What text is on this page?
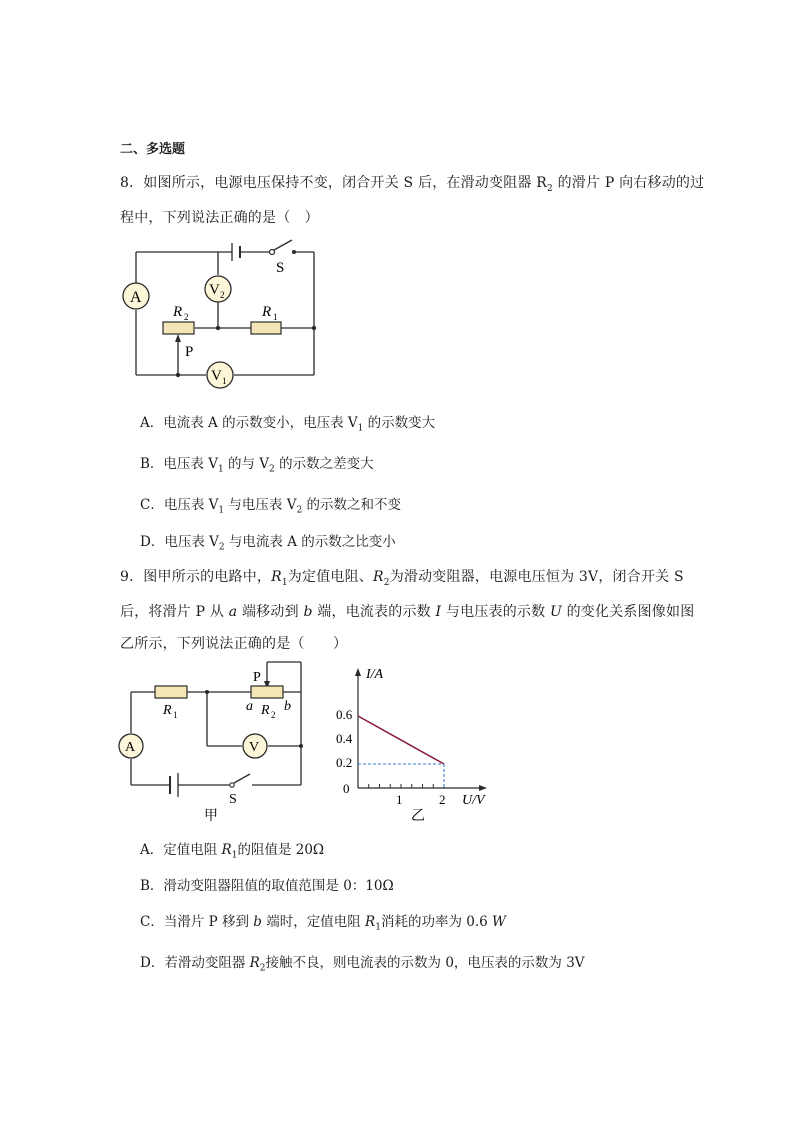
二、多选题
8．如图所示，电源电压保持不变，闭合开关 S 后，在滑动变阻器 $R_2$ 的滑片 P 向右移动的过
程中，下列说法正确的是（　）
A	V 2
V 1
S
R 2	R 1
P
A．电流表 A 的示数变小，电压表 $V_1$ 的示数变大
B．电压表 $V_1$ 的与 $V_2$ 的示数之差变大
C．电压表 $V_1$ 与电压表 $V_2$ 的示数之和不变
D．电压表 $V_2$ 与电流表 A 的示数之比变小
9．图甲所示的电路中，$R_1$为定值电阻、$R_2$为滑动变阻器，电源电压恒为 3V，闭合开关 S
后，将滑片 P 从 a 端移动到 b 端，电流表的示数 I 与电压表的示数 U 的变化关系图像如图
乙所示，下列说法正确的是（　　）
A	V
R 1
P
a R 2
b
S
甲
I/A
U/V
0.6
0.4
0.2
0
1	2
乙
A．定值电阻 $R_1$的阻值是 20Ω
B．滑动变阻器阻值的取值范围是 0：10Ω
C．当滑片 P 移到 b 端时，定值电阻 $R_1$消耗的功率为 0.6 W
D．若滑动变阻器 $R_2$接触不良，则电流表的示数为 0，电压表的示数为 3V
